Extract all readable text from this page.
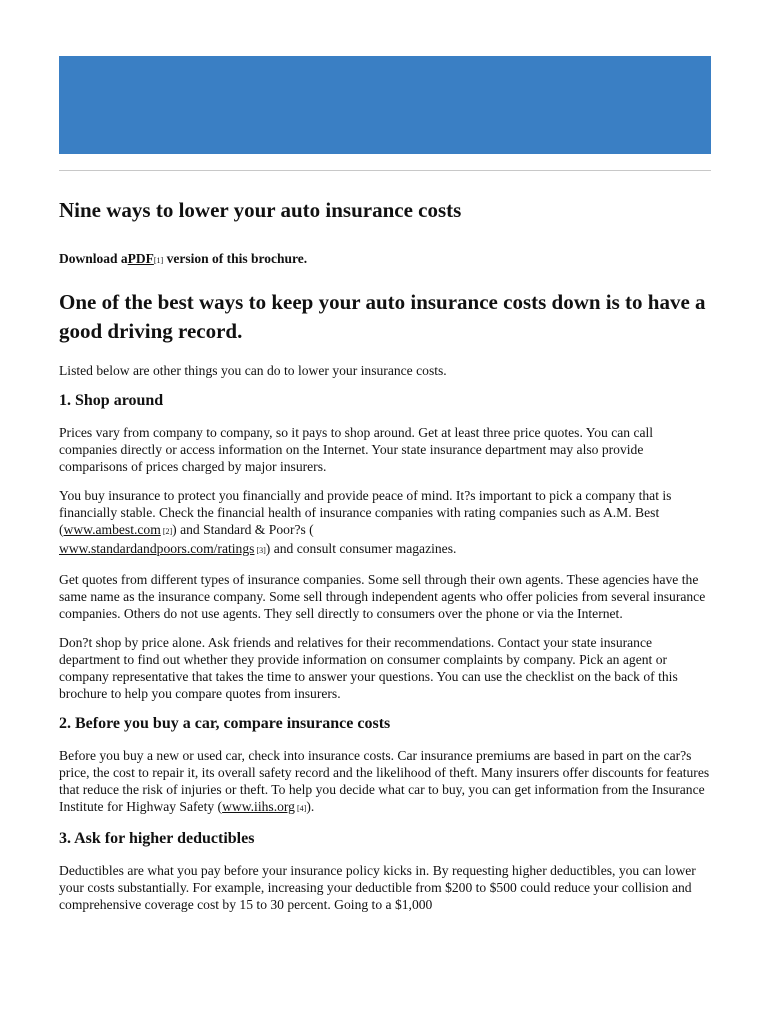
Nine ways to lower your auto insurance costs
Download aPDF[1] version of this brochure.
One of the best ways to keep your auto insurance costs down is to have a good driving record.

Listed below are other things you can do to lower your insurance costs.

1. Shop around

Prices vary from company to company, so it pays to shop around. Get at least three price quotes. You can call companies directly or access information on the Internet. Your state insurance department may also provide comparisons of prices charged by major insurers.

You buy insurance to protect you financially and provide peace of mind. It?s important to pick a company that is financially stable. Check the financial health of insurance companies with rating companies such as A.M. Best (www.ambest.com [2]) and Standard & Poor?s (
www.standardandpoors.com/ratings [3]) and consult consumer magazines.

Get quotes from different types of insurance companies. Some sell through their own agents. These agencies have the same name as the insurance company. Some sell through independent agents who offer policies from several insurance companies. Others do not use agents. They sell directly to consumers over the phone or via the Internet.

Don?t shop by price alone. Ask friends and relatives for their recommendations. Contact your state insurance department to find out whether they provide information on consumer complaints by company. Pick an agent or company representative that takes the time to answer your questions. You can use the checklist on the back of this brochure to help you compare quotes from insurers.

2. Before you buy a car, compare insurance costs

Before you buy a new or used car, check into insurance costs. Car insurance premiums are based in part on the car?s price, the cost to repair it, its overall safety record and the likelihood of theft. Many insurers offer discounts for features that reduce the risk of injuries or theft. To help you decide what car to buy, you can get information from the Insurance Institute for Highway Safety (www.iihs.org [4]).

3. Ask for higher deductibles

Deductibles are what you pay before your insurance policy kicks in. By requesting higher deductibles, you can lower your costs substantially. For example, increasing your deductible from $200 to $500 could reduce your collision and comprehensive coverage cost by 15 to 30 percent. Going to a $1,000
